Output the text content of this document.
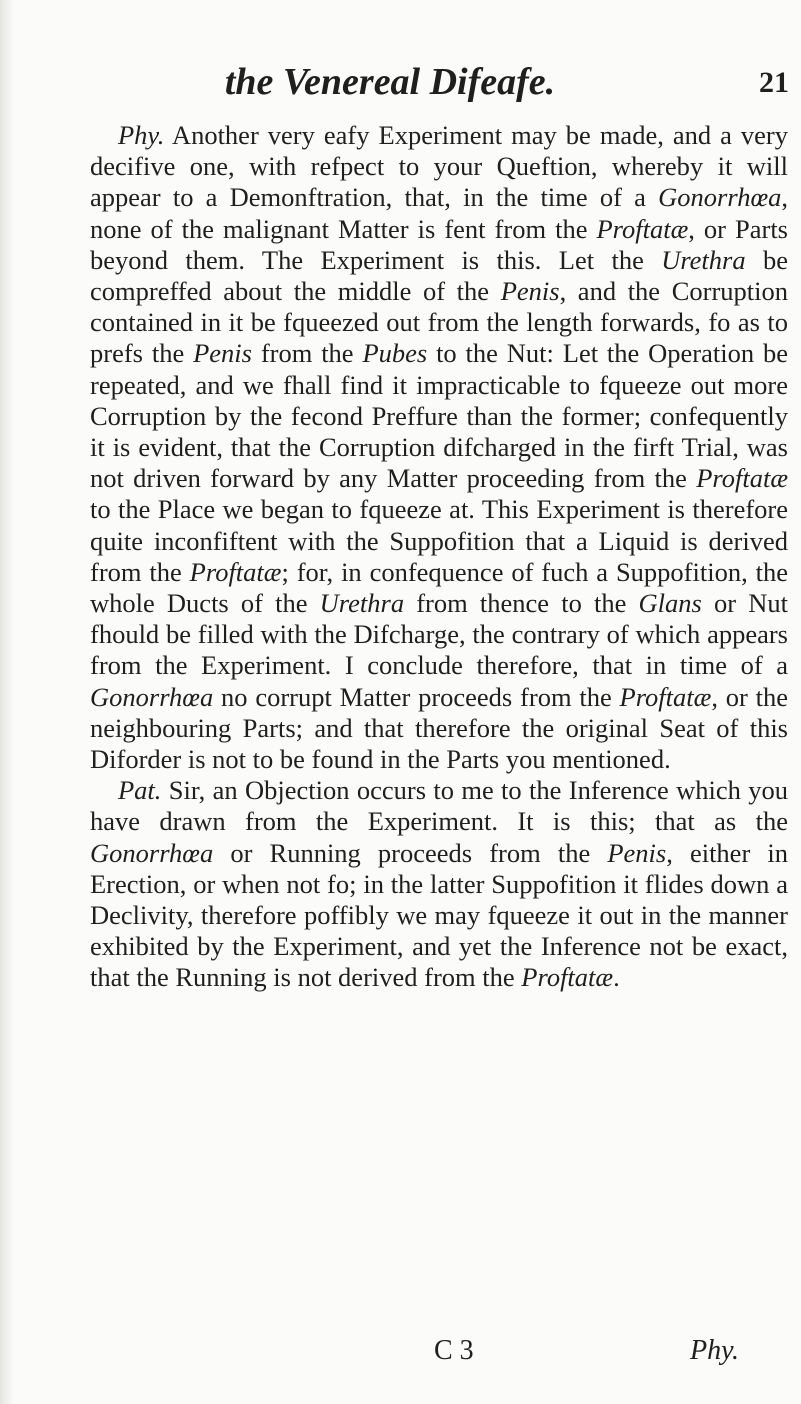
the Venereal Difeafe.	21

Phy. Another very eafy Experiment may be made, and a very decifive one, with refpect to your Queftion, whereby it will appear to a Demonftration, that, in the time of a Gonorrhœa, none of the malignant Matter is fent from the Proftatæ, or Parts beyond them. The Experiment is this. Let the Urethra be compreffed about the middle of the Penis, and the Corruption contained in it be fqueezed out from the length forwards, fo as to prefs the Penis from the Pubes to the Nut: Let the Operation be repeated, and we fhall find it impracticable to fqueeze out more Corruption by the fecond Preffure than the former; confequently it is evident, that the Corruption difcharged in the firft Trial, was not driven forward by any Matter proceeding from the Proftatæ to the Place we began to fqueeze at. This Experiment is therefore quite inconfiftent with the Suppofition that a Liquid is derived from the Proftatæ; for, in confequence of fuch a Suppofition, the whole Ducts of the Urethra from thence to the Glans or Nut fhould be filled with the Difcharge, the contrary of which appears from the Experiment. I conclude therefore, that in time of a Gonorrhœa no corrupt Matter proceeds from the Proftatæ, or the neighbouring Parts; and that therefore the original Seat of this Diforder is not to be found in the Parts you mentioned.

Pat. Sir, an Objection occurs to me to the Inference which you have drawn from the Experiment. It is this; that as the Gonorrhœa or Running proceeds from the Penis, either in Erection, or when not fo; in the latter Suppofition it flides down a Declivity, therefore poffibly we may fqueeze it out in the manner exhibited by the Experiment, and yet the Inference not be exact, that the Running is not derived from the Proftatæ.

C 3	Phy.
